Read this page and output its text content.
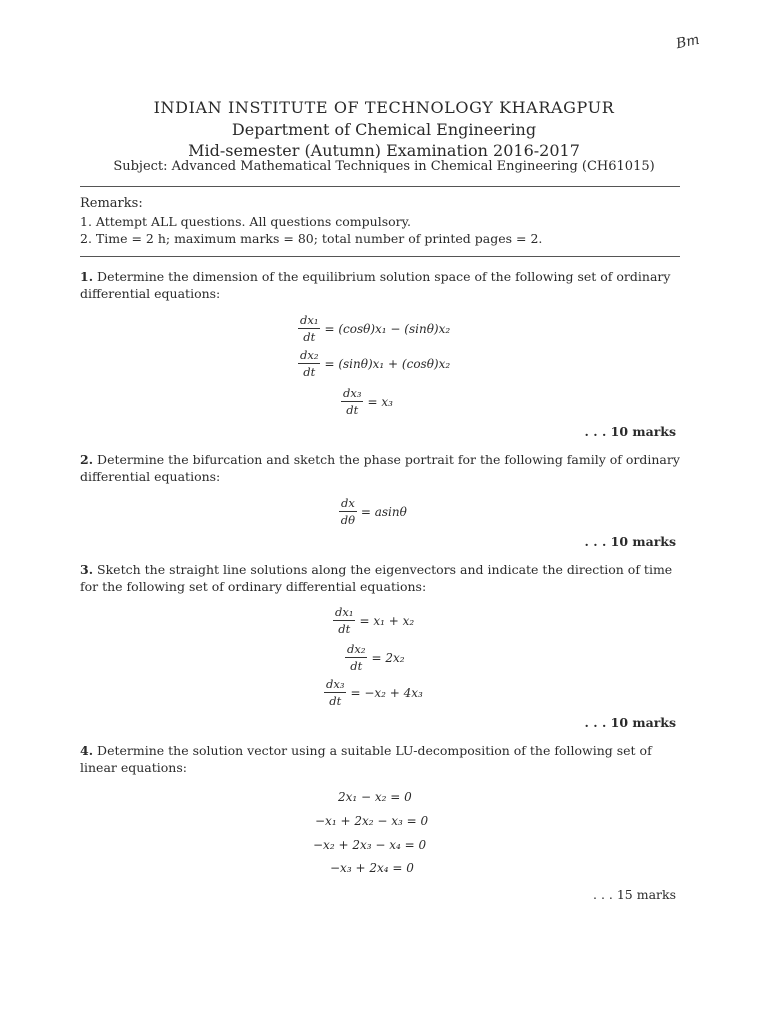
Bm
INDIAN INSTITUTE OF TECHNOLOGY KHARAGPUR
Department of Chemical Engineering
Mid-semester (Autumn) Examination 2016-2017
Subject: Advanced Mathematical Techniques in Chemical Engineering (CH61015)
Remarks:
1. Attempt ALL questions. All questions compulsory.
2. Time = 2 h; maximum marks = 80; total number of printed pages = 2.
1. Determine the dimension of the equilibrium solution space of the following set of ordinary differential equations:
$\frac{\text{dx₁}}{dt} = (\cos\theta)x_1 - (\sin\theta)x_2$
$\frac{\text{dx₂}}{dt} = (\sin\theta)x_1 + (\cos\theta)x_2$
$\frac{\text{dx₃}}{dt} = x_3$
. . . 10 marks
2. Determine the bifurcation and sketch the phase portrait for the following family of ordinary differential equations:
$\frac{dx}{d\theta} = asin\theta$
. . . 10 marks
3. Sketch the straight line solutions along the eigenvectors and indicate the direction of time for the following set of ordinary differential equations:
$\frac{\text{dx₁}}{dt} = x_1 + x_2$
$\frac{\text{dx₂}}{dt} = 2x_2$
$\frac{\text{dx₃}}{dt} = -x_2 + 4x_3$
. . . 10 marks
4. Determine the solution vector using a suitable LU-decomposition of the following set of linear equations:
2x₁ − x₂ = 0
−x₁ + 2x₂ − x₃ = 0
−x₂ + 2x₃ − x₄ = 0
−x₃ + 2x₄ = 0
. . . 15 marks
